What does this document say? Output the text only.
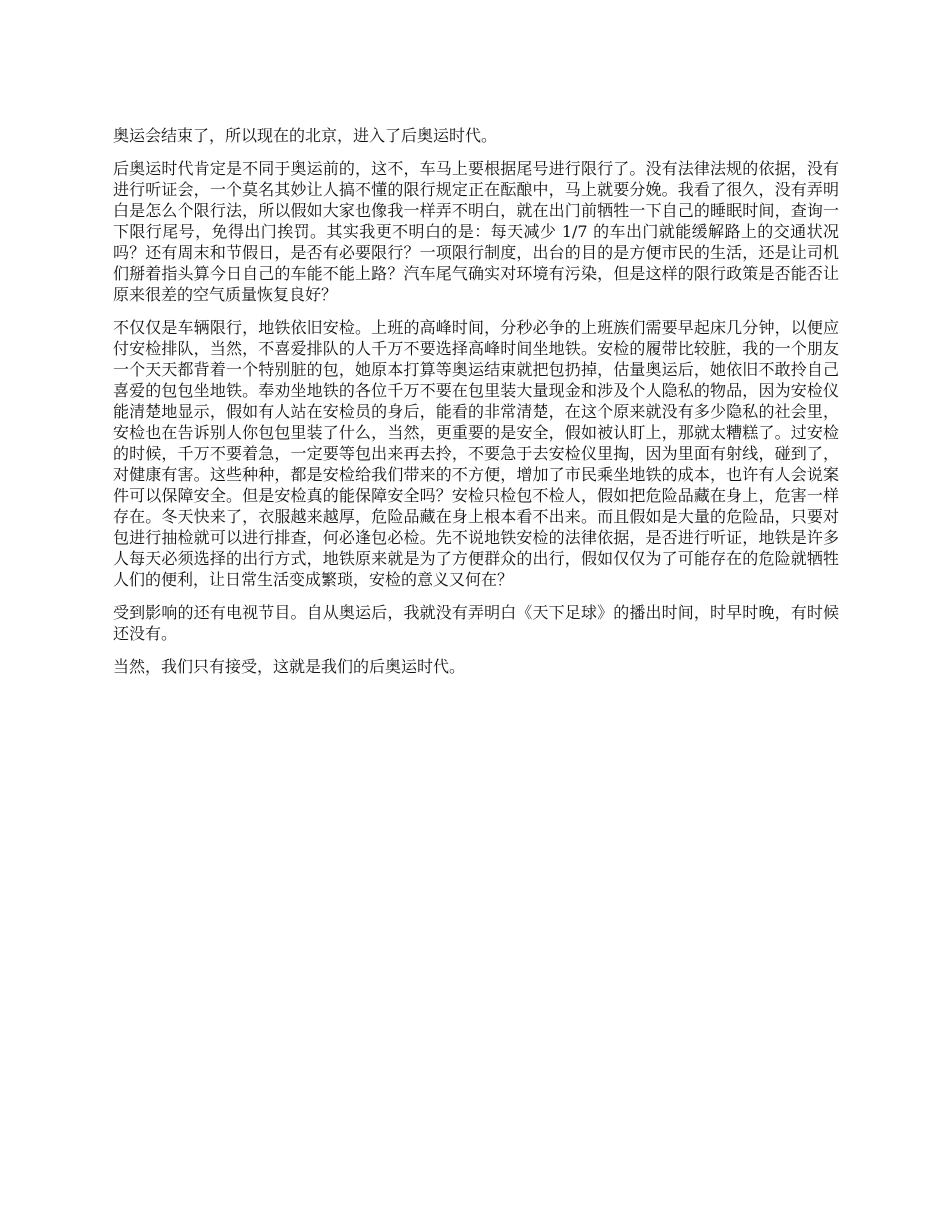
奥运会结束了，所以现在的北京，进入了后奥运时代。

后奥运时代肯定是不同于奥运前的，这不，车马上要根据尾号进行限行了。没有法律法规的依据，没有进行听证会，一个莫名其妙让人搞不懂的限行规定正在酝酿中，马上就要分娩。我看了很久，没有弄明白是怎么个限行法，所以假如大家也像我一样弄不明白，就在出门前牺牲一下自己的睡眠时间，查询一下限行尾号，免得出门挨罚。其实我更不明白的是：每天减少 1/7 的车出门就能缓解路上的交通状况吗？还有周末和节假日，是否有必要限行？一项限行制度，出台的目的是方便市民的生活，还是让司机们掰着指头算今日自己的车能不能上路？汽车尾气确实对环境有污染，但是这样的限行政策是否能否让原来很差的空气质量恢复良好？

不仅仅是车辆限行，地铁依旧安检。上班的高峰时间，分秒必争的上班族们需要早起床几分钟，以便应付安检排队，当然，不喜爱排队的人千万不要选择高峰时间坐地铁。安检的履带比较脏，我的一个朋友一个天天都背着一个特别脏的包，她原本打算等奥运结束就把包扔掉，估量奥运后，她依旧不敢拎自己喜爱的包包坐地铁。奉劝坐地铁的各位千万不要在包里装大量现金和涉及个人隐私的物品，因为安检仪能清楚地显示，假如有人站在安检员的身后，能看的非常清楚，在这个原来就没有多少隐私的社会里，安检也在告诉别人你包包里装了什么，当然，更重要的是安全，假如被认盯上，那就太糟糕了。过安检的时候，千万不要着急，一定要等包出来再去拎，不要急于去安检仪里掏，因为里面有射线，碰到了，对健康有害。这些种种，都是安检给我们带来的不方便，增加了市民乘坐地铁的成本，也许有人会说案件可以保障安全。但是安检真的能保障安全吗？安检只检包不检人，假如把危险品藏在身上，危害一样存在。冬天快来了，衣服越来越厚，危险品藏在身上根本看不出来。而且假如是大量的危险品，只要对包进行抽检就可以进行排查，何必逢包必检。先不说地铁安检的法律依据，是否进行听证，地铁是许多人每天必须选择的出行方式，地铁原来就是为了方便群众的出行，假如仅仅为了可能存在的危险就牺牲人们的便利，让日常生活变成繁琐，安检的意义又何在？

受到影响的还有电视节目。自从奥运后，我就没有弄明白《天下足球》的播出时间，时早时晚，有时候还没有。

当然，我们只有接受，这就是我们的后奥运时代。
